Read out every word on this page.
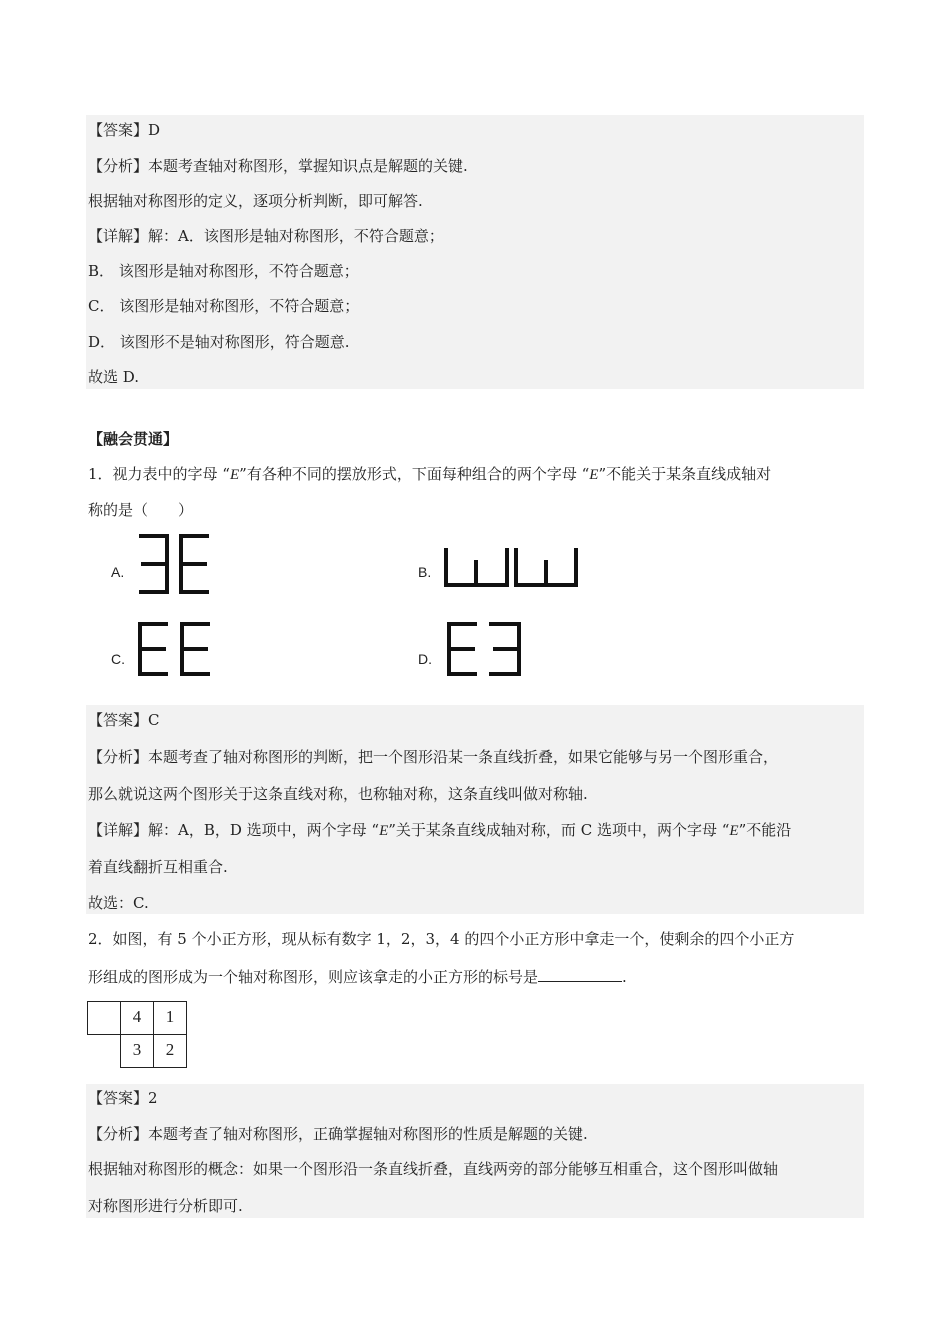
【答案】D
【分析】本题考查轴对称图形，掌握知识点是解题的关键.
根据轴对称图形的定义，逐项分析判断，即可解答.
【详解】解：A．该图形是轴对称图形，不符合题意；
B． 该图形是轴对称图形，不符合题意；
C． 该图形是轴对称图形，不符合题意；
D． 该图形不是轴对称图形，符合题意.
故选 D.
【融会贯通】
1．视力表中的字母 “E”有各种不同的摆放形式，下面每种组合的两个字母 “E”不能关于某条直线成轴对
称的是（　　）
A.	B.
C.	D.
【答案】C
【分析】本题考查了轴对称图形的判断，把一个图形沿某一条直线折叠，如果它能够与另一个图形重合，
那么就说这两个图形关于这条直线对称，也称轴对称，这条直线叫做对称轴.
【详解】解：A，B，D 选项中，两个字母 “E”关于某条直线成轴对称，而 C 选项中，两个字母 “E”不能沿
着直线翻折互相重合.
故选：C.
2．如图，有 5 个小正方形，现从标有数字 1，2，3，4 的四个小正方形中拿走一个，使剩余的四个小正方
形组成的图形成为一个轴对称图形，则应该拿走的小正方形的标号是	.
4	1
3	2
【答案】2
【分析】本题考查了轴对称图形，正确掌握轴对称图形的性质是解题的关键.
根据轴对称图形的概念：如果一个图形沿一条直线折叠，直线两旁的部分能够互相重合，这个图形叫做轴
对称图形进行分析即可.
